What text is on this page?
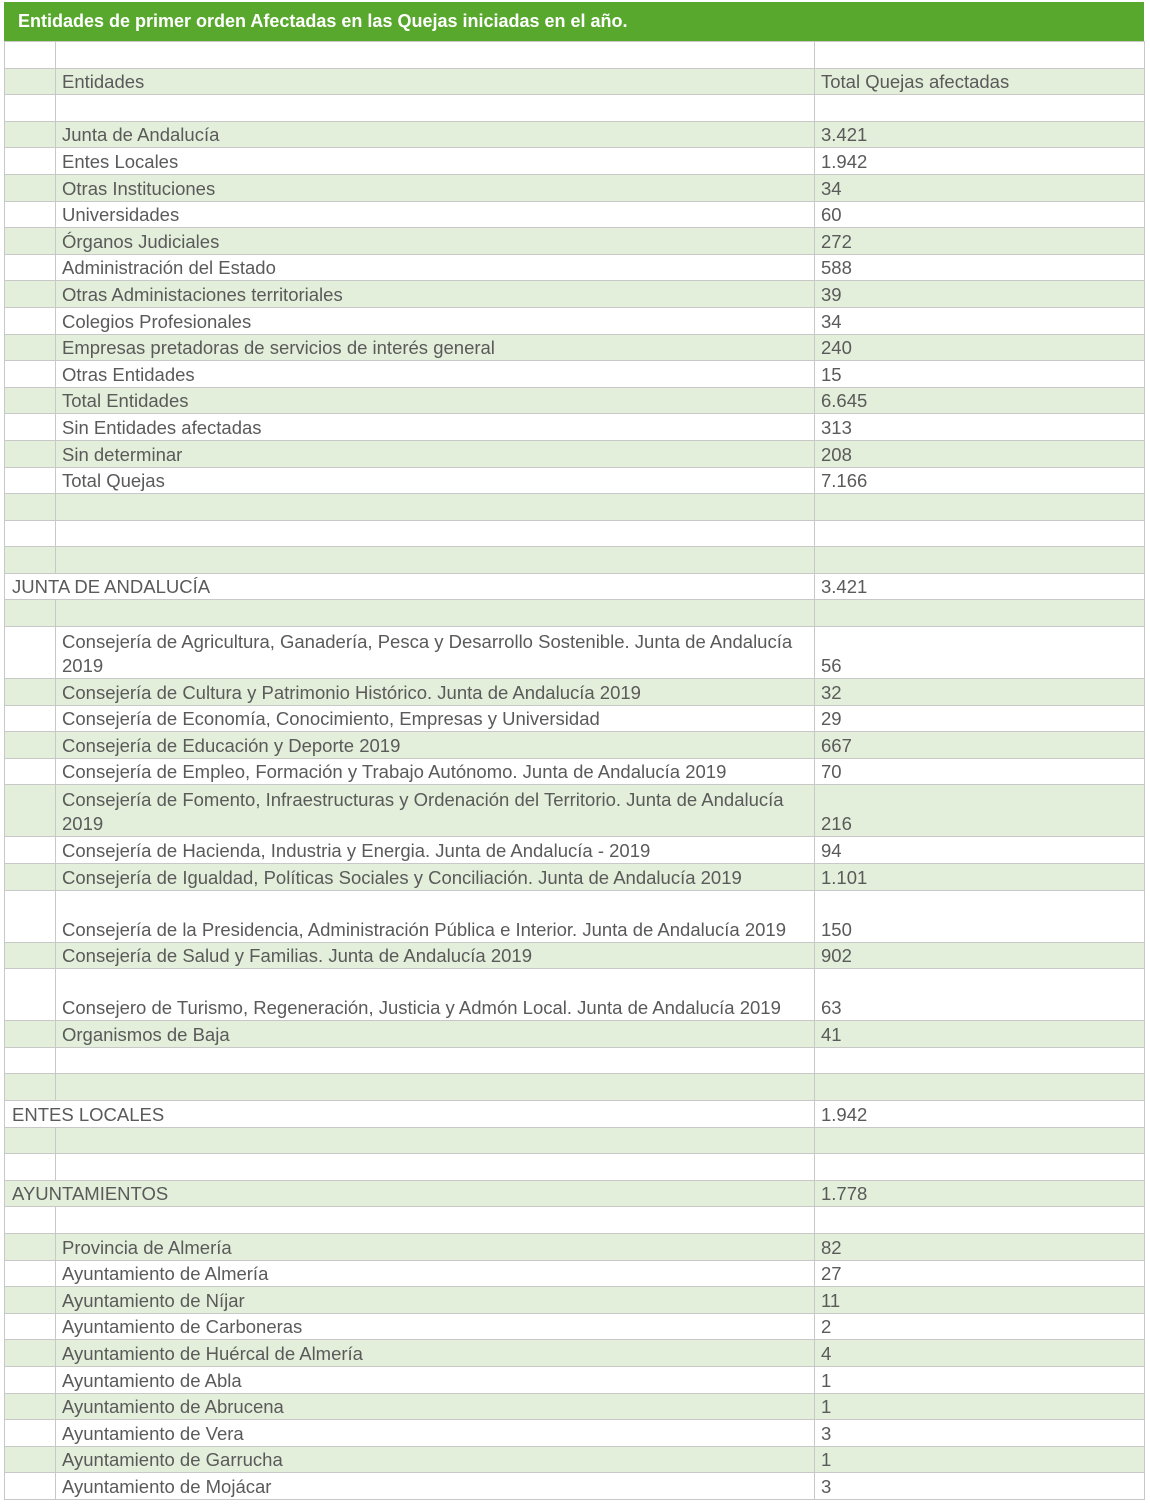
Entidades de primer orden Afectadas en las Quejas iniciadas en el año.

	Entidades	Total Quejas afectadas

	Junta de Andalucía	3.421
	Entes Locales	1.942
	Otras Instituciones	34
	Universidades	60
	Órganos Judiciales	272
	Administración del Estado	588
	Otras Administaciones territoriales	39
	Colegios Profesionales	34
	Empresas pretadoras de servicios de interés general	240
	Otras Entidades	15
	Total Entidades	6.645
	Sin Entidades afectadas	313
	Sin determinar	208
	Total Quejas	7.166

JUNTA DE ANDALUCÍA		3.421

	Consejería de Agricultura, Ganadería, Pesca y Desarrollo Sostenible. Junta de Andalucía 2019	56
	Consejería de Cultura y Patrimonio Histórico. Junta de Andalucía 2019	32
	Consejería de Economía, Conocimiento, Empresas y Universidad	29
	Consejería de Educación y Deporte 2019	667
	Consejería de Empleo, Formación y Trabajo Autónomo. Junta de Andalucía 2019	70
	Consejería de Fomento, Infraestructuras y Ordenación del Territorio. Junta de Andalucía 2019	216
	Consejería de Hacienda, Industria y Energia. Junta de Andalucía - 2019	94
	Consejería de Igualdad, Políticas Sociales y Conciliación. Junta de Andalucía 2019	1.101
	Consejería de la Presidencia, Administración Pública e Interior. Junta de Andalucía 2019	150
	Consejería de Salud y Familias. Junta de Andalucía 2019	902
	Consejero de Turismo, Regeneración, Justicia y Admón Local. Junta de Andalucía 2019	63
	Organismos de Baja	41

ENTES LOCALES		1.942

AYUNTAMIENTOS		1.778

	Provincia de Almería	82
	Ayuntamiento de Almería	27
	Ayuntamiento de Níjar	11
	Ayuntamiento de Carboneras	2
	Ayuntamiento de Huércal de Almería	4
	Ayuntamiento de Abla	1
	Ayuntamiento de Abrucena	1
	Ayuntamiento de Vera	3
	Ayuntamiento de Garrucha	1
	Ayuntamiento de Mojácar	3
